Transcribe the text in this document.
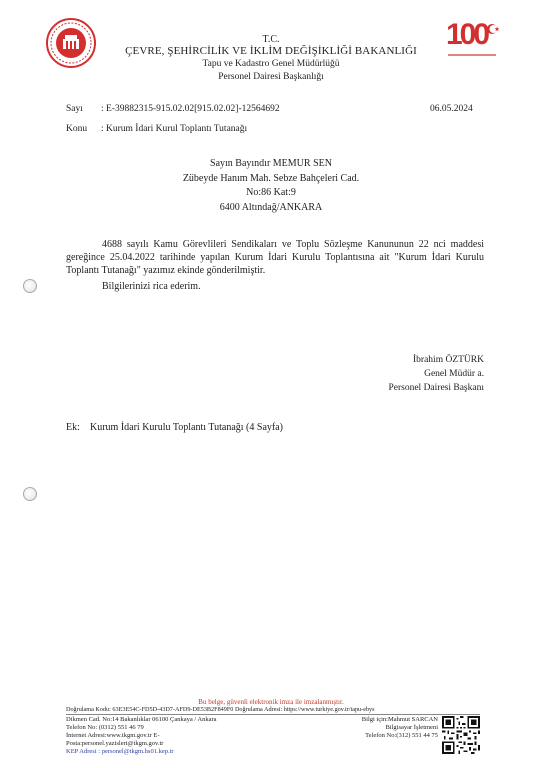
T.C.
ÇEVRE, ŞEHİRCİLİK VE İKLİM DEĞİŞİKLİĞİ BAKANLIĞI
Tapu ve Kadastro Genel Müdürlüğü
Personel Dairesi Başkanlığı
100
Sayı : E-39882315-915.02.02[915.02.02]-12564692	06.05.2024
Konu : Kurum İdari Kurul Toplantı Tutanağı
Sayın Bayındır MEMUR SEN
Zübeyde Hanım Mah. Sebze Bahçeleri Cad.
No:86 Kat:9
6400 Altındağ/ANKARA
4688 sayılı Kamu Görevlileri Sendikaları ve Toplu Sözleşme Kanununun 22 nci maddesi gereğince 25.04.2022 tarihinde yapılan Kurum İdari Kurulu Toplantısına ait "Kurum İdari Kurulu Toplantı Tutanağı" yazımız ekinde gönderilmiştir.
Bilgilerinizi rica ederim.
İbrahim ÖZTÜRK
Genel Müdür a.
Personel Dairesi Başkanı
Ek: Kurum İdari Kurulu Toplantı Tutanağı (4 Sayfa)
Bu belge, güvenli elektronik imza ile imzalanmıştır.
Doğrulama Kodu: 63E3E54C-FD5D-43D7-AFD9-DE53B2F849F0 Doğrulama Adresi: https://www.turkiye.gov.tr/tapu-ebys
Dikmen Cad. No:14 Bakanlıklar 06100 Çankaya / Ankara
Telefon No: (0312) 551 46 79
İnternet Adresi:www.tkgm.gov.tr E-
Posta:personel.yazisleri@tkgm.gov.tr
KEP Adresi : personel@tkgm.hs01.kep.tr
Bilgi için:Mahmut SARCAN
Bilgisayar İşletmeni
Telefon No:(312) 551 44 75
